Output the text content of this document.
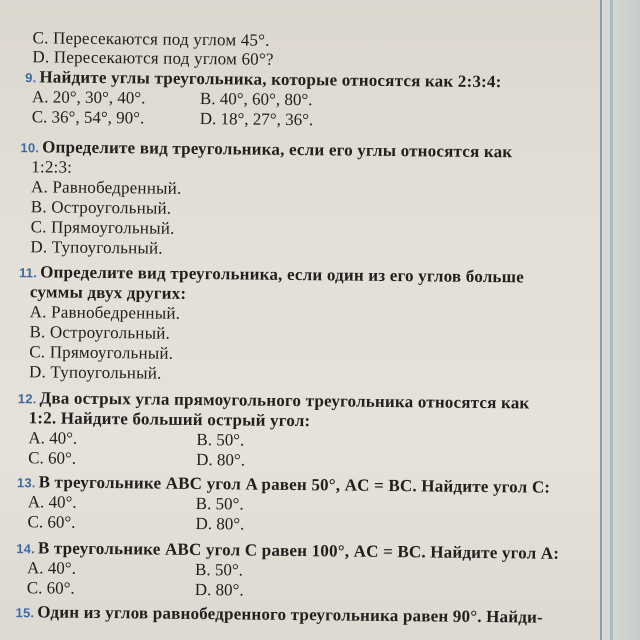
C. Пересекаются под углом 45°.
D. Пересекаются под углом 60°?
9. Найдите углы треугольника, которые относятся как 2:3:4:
A. 20°, 30°, 40°.	B. 40°, 60°, 80°.
C. 36°, 54°, 90°.	D. 18°, 27°, 36°.
10. Определите вид треугольника, если его углы относятся как
1:2:3:
A. Равнобедренный.
B. Остроугольный.
C. Прямоугольный.
D. Тупоугольный.
11. Определите вид треугольника, если один из его углов больше
суммы двух других:
A. Равнобедренный.
B. Остроугольный.
C. Прямоугольный.
D. Тупоугольный.
12. Два острых угла прямоугольного треугольника относятся как
1:2. Найдите больший острый угол:
A. 40°.	B. 50°.
C. 60°.	D. 80°.
13. В треугольнике ABC угол A равен 50°, AC = BC. Найдите угол C:
A. 40°.	B. 50°.
C. 60°.	D. 80°.
14. В треугольнике ABC угол C равен 100°, AC = BC. Найдите угол A:
A. 40°.	B. 50°.
C. 60°.	D. 80°.
15. Один из углов равнобедренного треугольника равен 90°. Найди-
